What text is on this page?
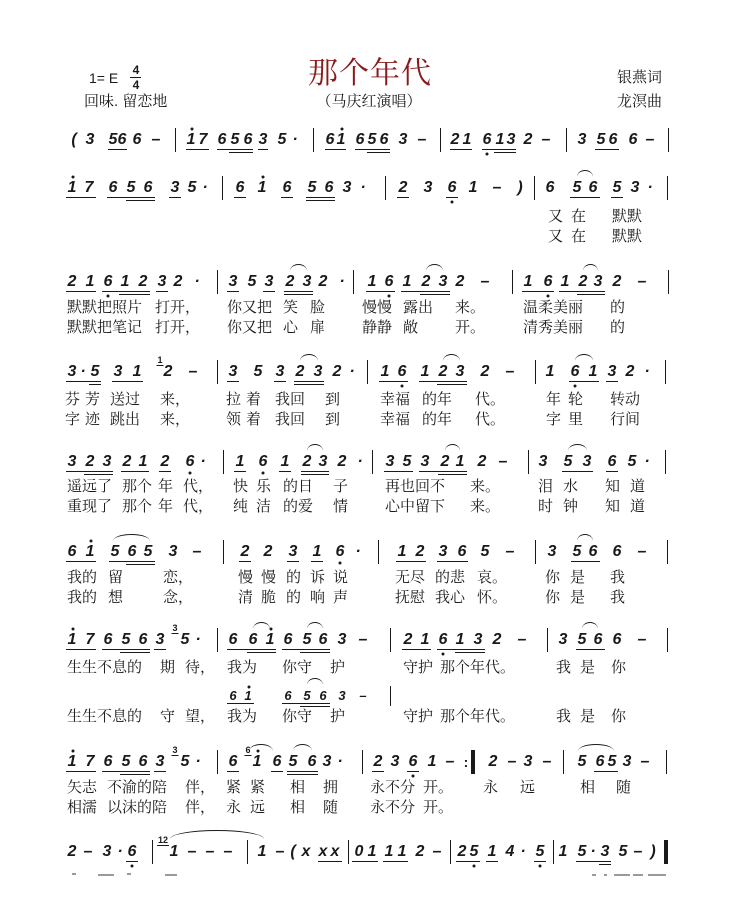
1= E 4
4
回味. 留恋地
那个年代
（马庆红演唱）
银燕词
龙溟曲
( 3 5 6 6 – 1 7 6 5 6 3 5 · 6 1 6 5 6 3 – 2 1 6 1 3 2 – 3 5 6 6 –
1 7 6 5 6 3 5 · 6 1 6 5 6 3 · 2 3 6 1 – ) 6 5 6 5 3 ·
又 在 默默
又 在 默默
2 1 6 1 2 3 2 · 3 5 3 2 3 2 · 1 6 1 2 3 2 – 1 6 1 2 3 2 –
默默把照片 打开， 你又把 笑 脸 慢慢 露出 来。	温柔美丽 的
默默把笔记 打开， 你又把 心 扉 静静 敞 开。	清秀美丽 的
3 · 5 3 1
1
2 – 3 5 3 2 3 2 · 1 6 1 2 3 2 – 1 6 1 3 2 ·
芬 芳 送过 来， 拉 着 我回 到	幸福 的年 代。	年 轮 转动
字 迹 跳出 来， 领 着 我回 到	幸福 的年 代。	字 里 行间
3 2 3 2 1 2 6 · 1 6 1 2 3 2 · 3 5 3 2 1 2 – 3 5 3 6 5 ·
遥远了 那个 年 代， 快 乐 的日 子 再也回不 来。	泪 水 知 道
重现了 那个 年 代， 纯 洁 的爱 情 心中留下 来。	时 钟 知 道
6 1 5 6 5 3 – 2 2 3 1 6 · 1 2 3 6 5 – 3 5 6 6 –
我的 留	恋，	慢 慢 的 诉 说	无尽 的悲 哀。	你 是 我
我的 想	念，	清 脆 的 响 声	抚慰 我心 怀。	你 是 我
1 7 6 5 6 3
3
5 · 6 6 1 6 5 6 3 – 2 1 6 1 3 2 – 3 5 6 6 –
生生不息的 期 待， 我为 你守 护	守护 那个年代。	我 是 你
6 1	6 5 6 3 –
生生不息的 守 望， 我为 你守 护	守护 那个年代。	我 是 你
1 7 6 5 6 3
3
5 · 6
6
1 6 5 6 3 · 2 3 6 1 – 2 – 3 – 5 6 5 3 –
:
矢志 不渝的陪 伴， 紧 紧 相 拥 永不分 开。 永 远	相 随
相濡 以沫的陪 伴， 永 远 相 随 永不分 开。
2 – 3 · 6
12
1 – – – 1 – ( x x x 0 1 1 1 2 – 2 5 1 4 · 5 1 5 · 3 5 – )
